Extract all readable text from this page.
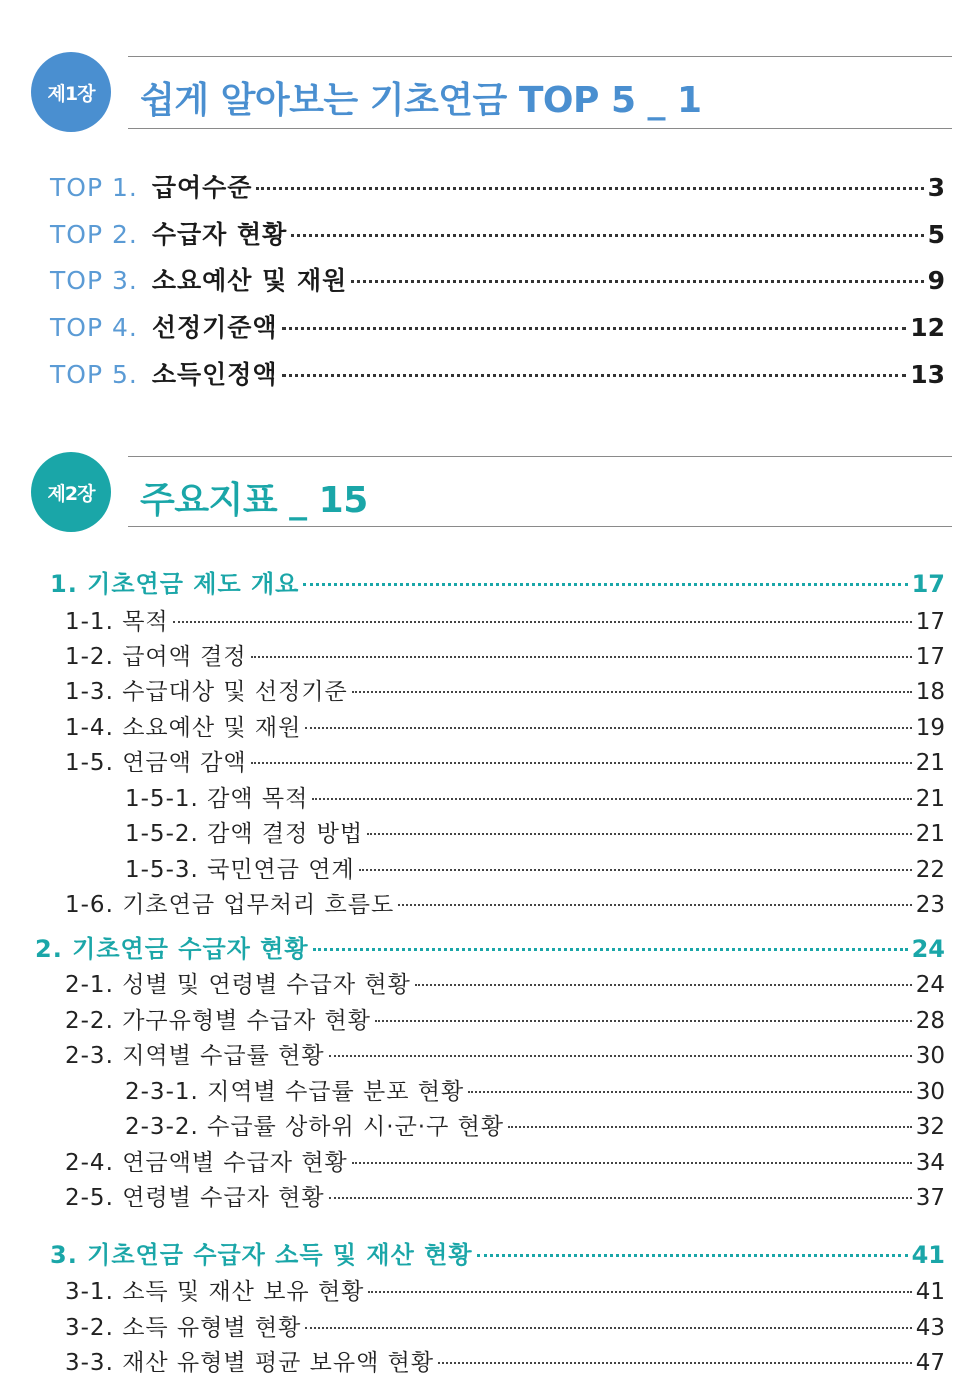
제1장	쉽게 알아보는 기초연금 TOP 5 _ 1
TOP 1. 급여수준	3
TOP 2. 수급자 현황	5
TOP 3. 소요예산 및 재원	9
TOP 4. 선정기준액	12
TOP 5. 소득인정액	13
제2장	주요지표 _ 15
1. 기초연금 제도 개요	17
1-1. 목적	17
1-2. 급여액 결정	17
1-3. 수급대상 및 선정기준	18
1-4. 소요예산 및 재원	19
1-5. 연금액 감액	21
1-5-1. 감액 목적	21
1-5-2. 감액 결정 방법	21
1-5-3. 국민연금 연계	22
1-6. 기초연금 업무처리 흐름도	23
2. 기초연금 수급자 현황	24
2-1. 성별 및 연령별 수급자 현황	24
2-2. 가구유형별 수급자 현황	28
2-3. 지역별 수급률 현황	30
2-3-1. 지역별 수급률 분포 현황	30
2-3-2. 수급률 상하위 시·군·구 현황	32
2-4. 연금액별 수급자 현황	34
2-5. 연령별 수급자 현황	37
3. 기초연금 수급자 소득 및 재산 현황	41
3-1. 소득 및 재산 보유 현황	41
3-2. 소득 유형별 현황	43
3-3. 재산 유형별 평균 보유액 현황	47
